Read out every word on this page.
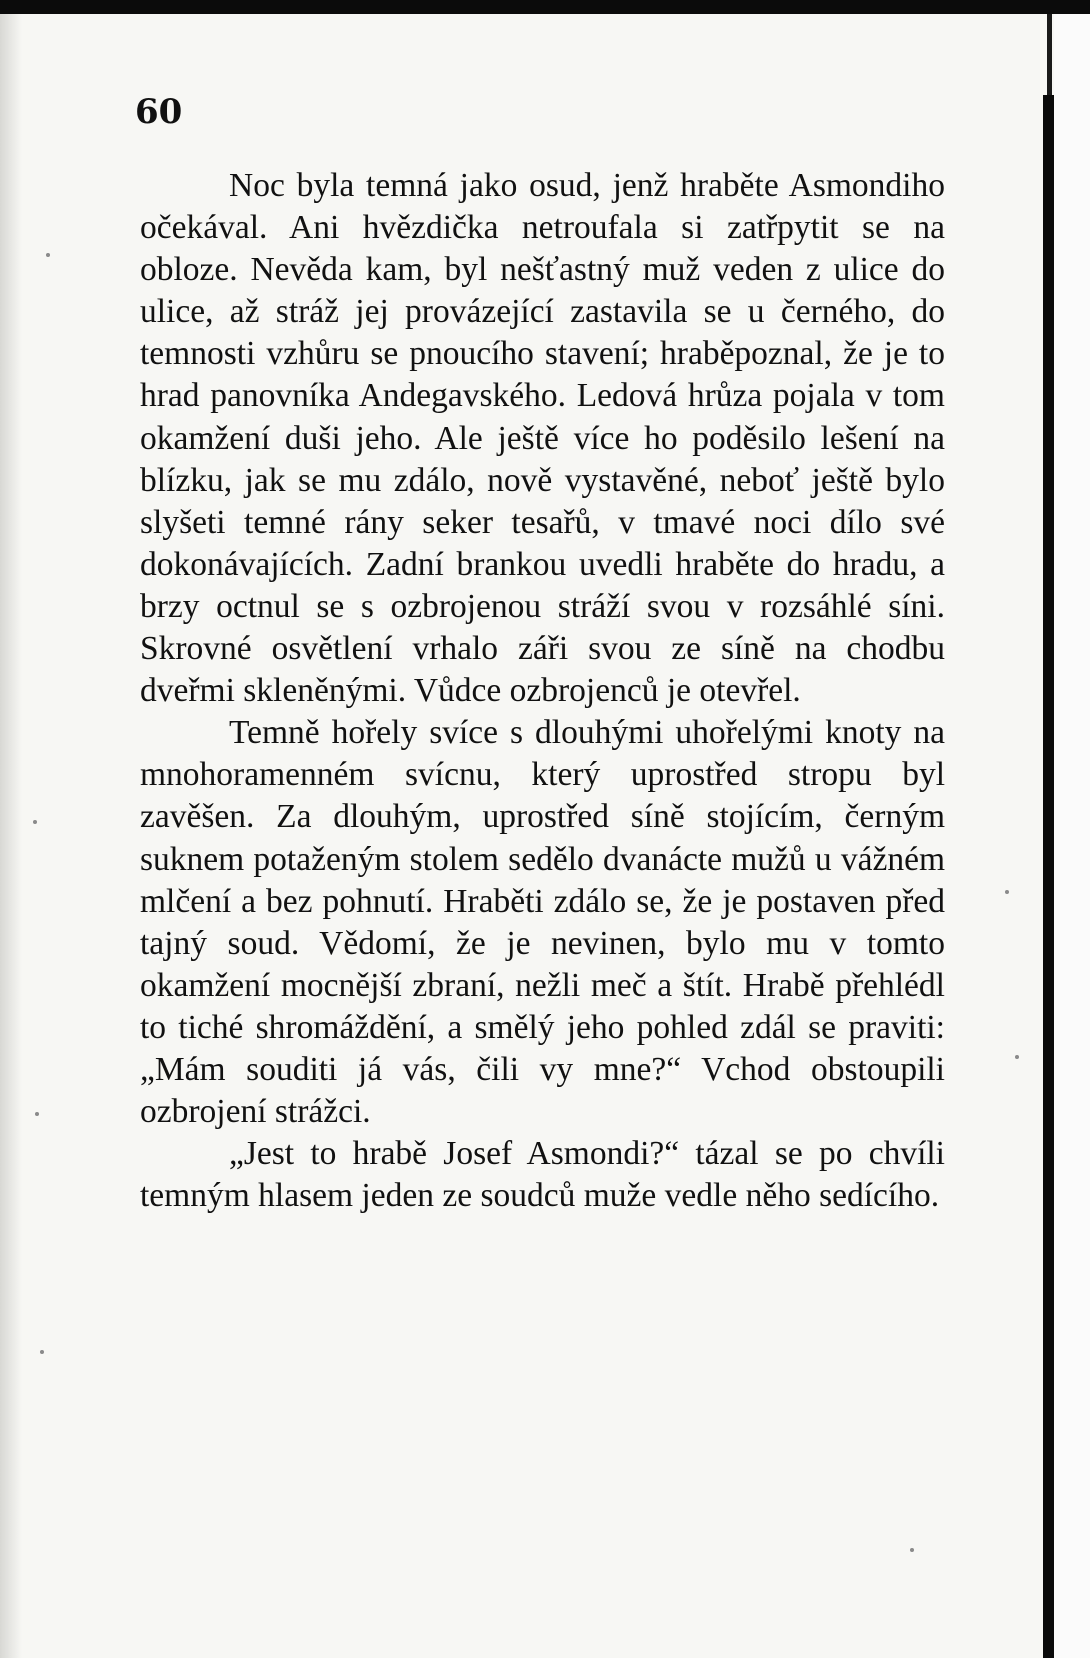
60

Noc byla temná jako osud, jenž hraběte Asmondiho očekával. Ani hvězdička netroufala si zatřpytit se na obloze. Nevěda kam, byl nešťastný muž veden z ulice do ulice, až stráž jej provázející zastavila se u černého, do temnosti vzhůru se pnoucího stavení; hraběpoznal, že je to hrad panovníka Andegavského. Ledová hrůza pojala v tom okamžení duši jeho. Ale ještě více ho poděsilo lešení na blízku, jak se mu zdálo, nově vystavěné, neboť ještě bylo slyšeti temné rány seker tesařů, v tmavé noci dílo své dokonávajících. Zadní brankou uvedli hraběte do hradu, a brzy octnul se s ozbrojenou stráží svou v rozsáhlé síni. Skrovné osvětlení vrhalo záři svou ze síně na chodbu dveřmi skleněnými. Vůdce ozbrojenců je otevřel.

Temně hořely svíce s dlouhými uhořelými knoty na mnohoramenném svícnu, který uprostřed stropu byl zavěšen. Za dlouhým, uprostřed síně stojícím, černým suknem potaženým stolem sedělo dvanácte mužů u vážném mlčení a bez pohnutí. Hraběti zdálo se, že je postaven před tajný soud. Vědomí, že je nevinen, bylo mu v tomto okamžení mocnější zbraní, nežli meč a štít. Hrabě přehlédl to tiché shromáždění, a smělý jeho pohled zdál se praviti: „Mám souditi já vás, čili vy mne?“ Vchod obstoupili ozbrojení strážci.

„Jest to hrabě Josef Asmondi?“ tázal se po chvíli temným hlasem jeden ze soudců muže vedle něho sedícího.
